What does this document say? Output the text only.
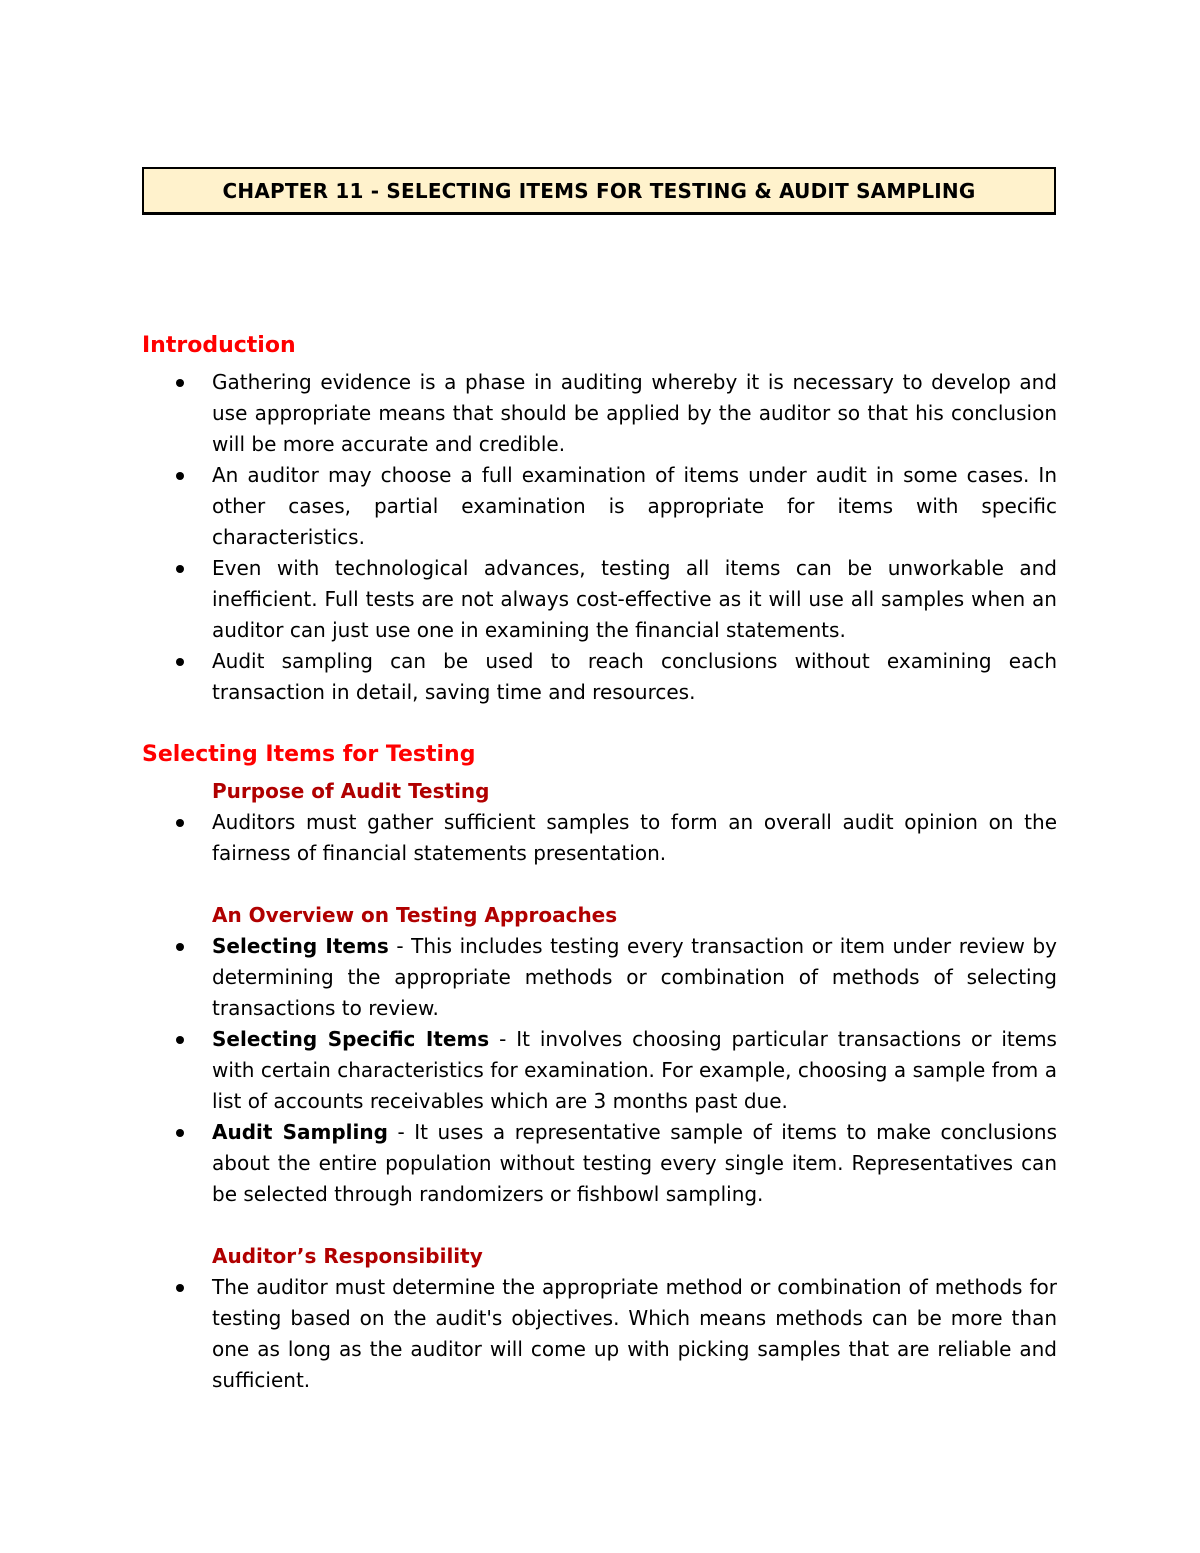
CHAPTER 11 - SELECTING ITEMS FOR TESTING & AUDIT SAMPLING
Introduction
Gathering evidence is a phase in auditing whereby it is necessary to develop and use appropriate means that should be applied by the auditor so that his conclusion will be more accurate and credible.
An auditor may choose a full examination of items under audit in some cases. In other cases, partial examination is appropriate for items with specific characteristics.
Even with technological advances, testing all items can be unworkable and inefficient. Full tests are not always cost-effective as it will use all samples when an auditor can just use one in examining the financial statements.
Audit sampling can be used to reach conclusions without examining each transaction in detail, saving time and resources.
Selecting Items for Testing
Purpose of Audit Testing
Auditors must gather sufficient samples to form an overall audit opinion on the fairness of financial statements presentation.
An Overview on Testing Approaches
Selecting Items - This includes testing every transaction or item under review by determining the appropriate methods or combination of methods of selecting transactions to review.
Selecting Specific Items - It involves choosing particular transactions or items with certain characteristics for examination. For example, choosing a sample from a list of accounts receivables which are 3 months past due.
Audit Sampling - It uses a representative sample of items to make conclusions about the entire population without testing every single item. Representatives can be selected through randomizers or fishbowl sampling.
Auditor’s Responsibility
The auditor must determine the appropriate method or combination of methods for testing based on the audit's objectives. Which means methods can be more than one as long as the auditor will come up with picking samples that are reliable and sufficient.
